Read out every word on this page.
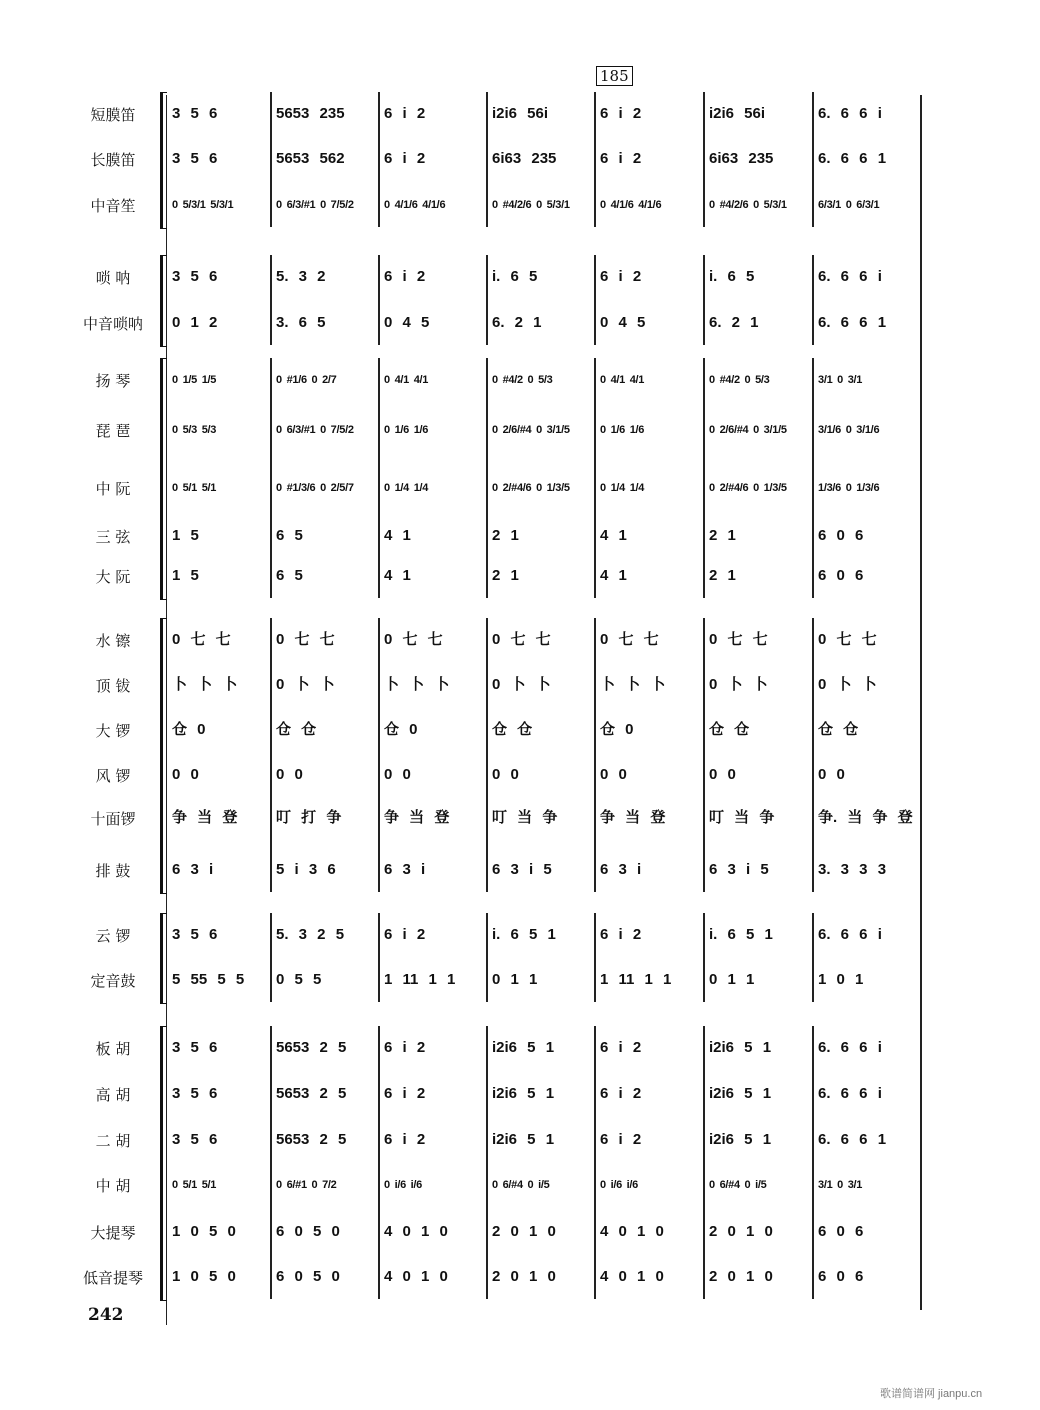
185
短膜笛	3 5 6	5653 235	6 i 2	i2i6 56i	6 i 2	i2i6 56i	6. 6 6 i
长膜笛	3 5 6	5653 562	6 i 2	6i63 235	6 i 2	6i63 235	6. 6 6 1
中音笙	0 5/3/1 5/3/1	0 6/3/#1 0 7/5/2	0 4/1/6 4/1/6	0 #4/2/6 0 5/3/1	0 4/1/6 4/1/6	0 #4/2/6 0 5/3/1	6/3/1 0 6/3/1
唢 呐	3 5 6	5. 3 2	6 i 2	i. 6 5	6 i 2	i. 6 5	6. 6 6 i
中音唢呐	0 1 2	3. 6 5	0 4 5	6. 2 1	0 4 5	6. 2 1	6. 6 6 1
扬 琴	0 1/5 1/5	0 #1/6 0 2/7	0 4/1 4/1	0 #4/2 0 5/3	0 4/1 4/1	0 #4/2 0 5/3	3/1 0 3/1
琵 琶	0 5/3 5/3	0 6/3/#1 0 7/5/2	0 1/6 1/6	0 2/6/#4 0 3/1/5	0 1/6 1/6	0 2/6/#4 0 3/1/5	3/1/6 0 3/1/6
中 阮	0 5/1 5/1	0 #1/3/6 0 2/5/7	0 1/4 1/4	0 2/#4/6 0 1/3/5	0 1/4 1/4	0 2/#4/6 0 1/3/5	1/3/6 0 1/3/6
三 弦	1 5	6 5	4 1	2 1	4 1	2 1	6 0 6
大 阮	1 5	6 5	4 1	2 1	4 1	2 1	6 0 6
水 镲	0 七 七	0 七 七	0 七 七	0 七 七	0 七 七	0 七 七	0 七 七
顶 钹	卜 卜 卜	0 卜 卜	卜 卜 卜	0 卜 卜	卜 卜 卜	0 卜 卜	0 卜 卜
大 锣	仓 0	仓 仓	仓 0	仓 仓	仓 0	仓 仓	仓 仓
风 锣	0 0	0 0	0 0	0 0	0 0	0 0	0 0
十面锣	争 当 登	叮 打 争	争 当 登	叮 当 争	争 当 登	叮 当 争	争. 当 争 登
排 鼓	6 3 i	5 i 3 6	6 3 i	6 3 i 5	6 3 i	6 3 i 5	3. 3 3 3
云 锣	3 5 6	5. 3 2 5	6 i 2	i. 6 5 1	6 i 2	i. 6 5 1	6. 6 6 i
定音鼓	5 55 5 5	0 5 5	1 11 1 1	0 1 1	1 11 1 1	0 1 1	1 0 1
板 胡	3 5 6	5653 2 5	6 i 2	i2i6 5 1	6 i 2	i2i6 5 1	6. 6 6 i
高 胡	3 5 6	5653 2 5	6 i 2	i2i6 5 1	6 i 2	i2i6 5 1	6. 6 6 i
二 胡	3 5 6	5653 2 5	6 i 2	i2i6 5 1	6 i 2	i2i6 5 1	6. 6 6 1
中 胡	0 5/1 5/1	0 6/#1 0 7/2	0 i/6 i/6	0 6/#4 0 i/5	0 i/6 i/6	0 6/#4 0 i/5	3/1 0 3/1
大提琴	1 0 5 0	6 0 5 0	4 0 1 0	2 0 1 0	4 0 1 0	2 0 1 0	6 0 6
低音提琴	1 0 5 0	6 0 5 0	4 0 1 0	2 0 1 0	4 0 1 0	2 0 1 0	6 0 6
242
歌谱简谱网 jianpu.cn
